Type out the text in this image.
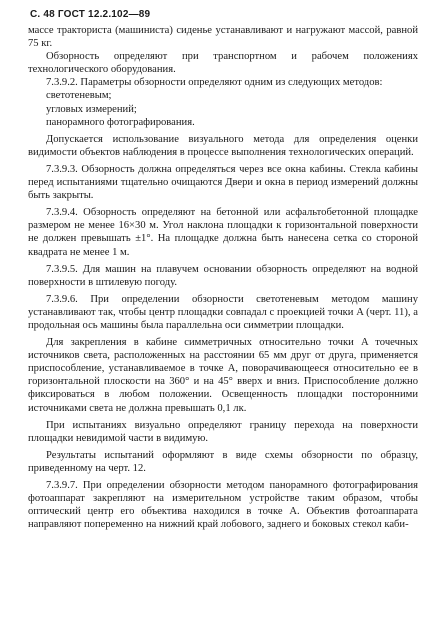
С. 48 ГОСТ 12.2.102—89

массе тракториста (машиниста) сиденье устанавливают и нагружают массой, равной 75 кг.

Обзорность определяют при транспортном и рабочем положениях технологического оборудования.

7.3.9.2. Параметры обзорности определяют одним из следующих методов:

светотеневым;

угловых измерений;

панорамного фотографирования.

Допускается использование визуального метода для определения оценки видимости объектов наблюдения в процессе выполнения технологических операций.

7.3.9.3. Обзорность должна определяться через все окна кабины. Стекла кабины перед испытаниями тщательно очищаются Двери и окна в период измерений должны быть закрыты.

7.3.9.4. Обзорность определяют на бетонной или асфальтобетонной площадке размером не менее 16×30 м. Угол наклона площадки к горизонтальной поверхности не должен превышать ±1°. На площадке должна быть нанесена сетка со стороной квадрата не менее 1 м.

7.3.9.5. Для машин на плавучем основании обзорность определяют на водной поверхности в штилевую погоду.

7.3.9.6. При определении обзорности светотеневым методом машину устанавливают так, чтобы центр площадки совпадал с проекцией точки A (черт. 11), а продольная ось машины была параллельна оси симметрии площадки.

Для закрепления в кабине симметричных относительно точки A точечных источников света, расположенных на расстоянии 65 мм друг от друга, применяется приспособление, устанавливаемое в точке A, поворачивающееся относительно ее в горизонтальной плоскости на 360° и на 45° вверх и вниз. Приспособление должно фиксироваться в любом положении. Освещенность площадки посторонними источниками света не должна превышать 0,1 лк.

При испытаниях визуально определяют границу перехода на поверхности площадки невидимой части в видимую.

Результаты испытаний оформляют в виде схемы обзорности по образцу, приведенному на черт. 12.

7.3.9.7. При определении обзорности методом панорамного фотографирования фотоаппарат закрепляют на измерительном устройстве таким образом, чтобы оптический центр его объектива находился в точке A. Объектив фотоаппарата направляют попеременно на нижний край лобового, заднего и боковых стекол каби-
